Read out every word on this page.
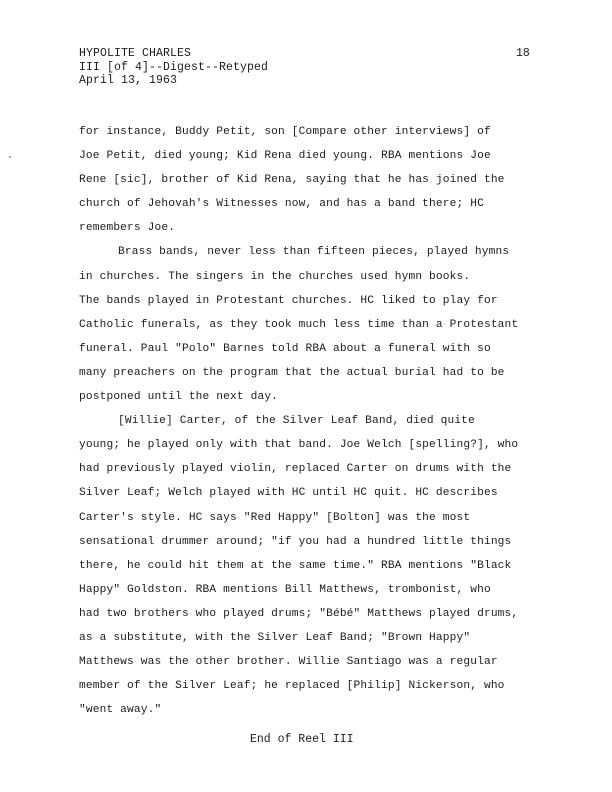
HYPOLITE CHARLES
III [of 4]--Digest--Retyped
April 13, 1963
18

for instance, Buddy Petit, son [Compare other interviews] of
Joe Petit, died young; Kid Rena died young. RBA mentions Joe
Rene [sic], brother of Kid Rena, saying that he has joined the
church of Jehovah's Witnesses now, and has a band there; HC
remembers Joe.

Brass bands, never less than fifteen pieces, played hymns
in churches. The singers in the churches used hymn books.
The bands played in Protestant churches. HC liked to play for
Catholic funerals, as they took much less time than a Protestant
funeral. Paul "Polo" Barnes told RBA about a funeral with so
many preachers on the program that the actual burial had to be
postponed until the next day.

[Willie] Carter, of the Silver Leaf Band, died quite
young; he played only with that band. Joe Welch [spelling?], who
had previously played violin, replaced Carter on drums with the
Silver Leaf; Welch played with HC until HC quit. HC describes
Carter's style. HC says "Red Happy" [Bolton] was the most
sensational drummer around; "if you had a hundred little things
there, he could hit them at the same time." RBA mentions "Black
Happy" Goldston. RBA mentions Bill Matthews, trombonist, who
had two brothers who played drums; "Bébé" Matthews played drums,
as a substitute, with the Silver Leaf Band; "Brown Happy"
Matthews was the other brother. Willie Santiago was a regular
member of the Silver Leaf; he replaced [Philip] Nickerson, who
"went away."

End of Reel III
